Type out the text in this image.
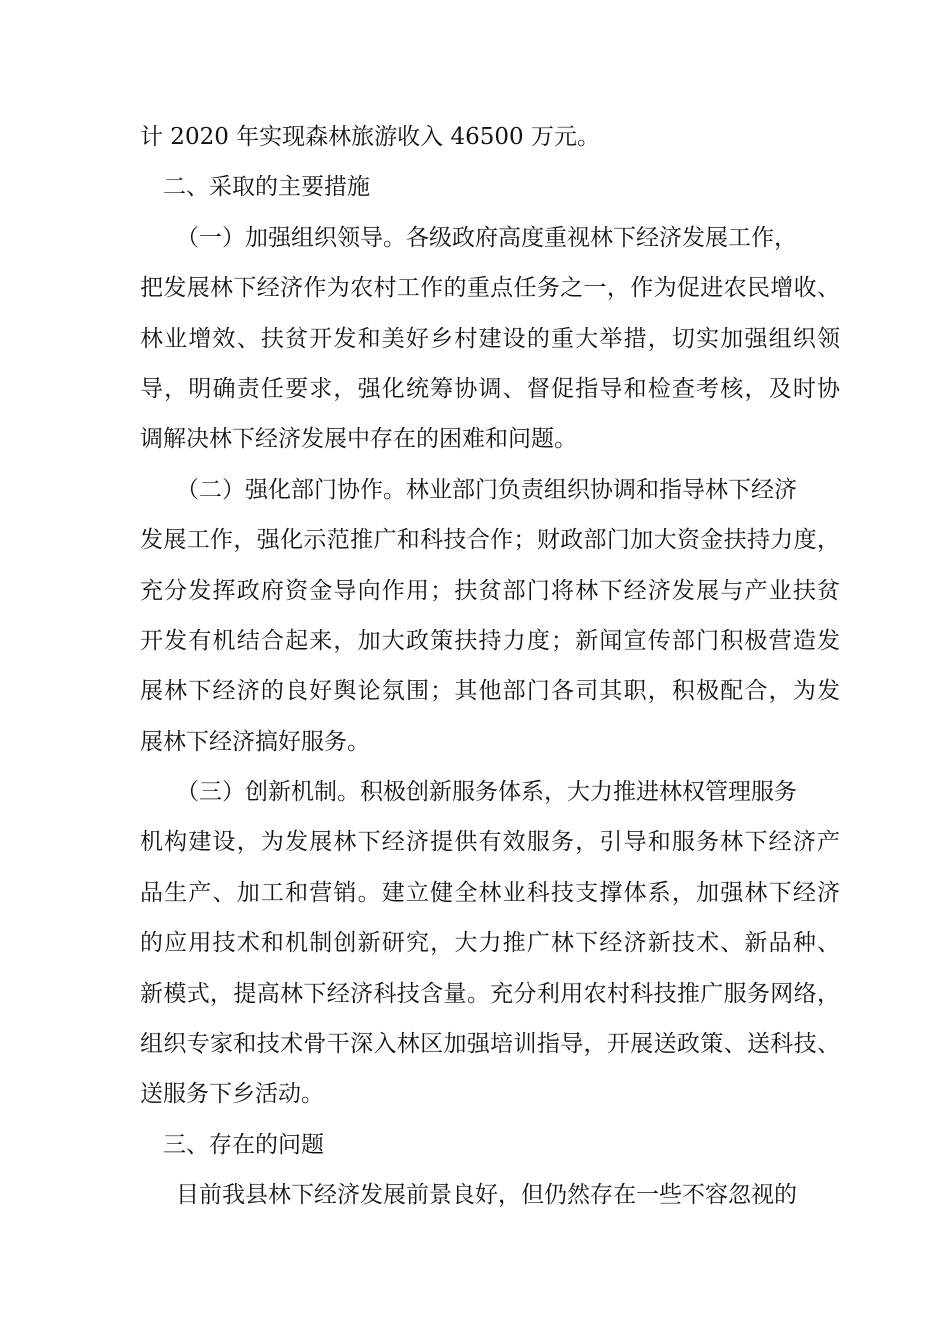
计 2020 年实现森林旅游收入 46500 万元。
二、采取的主要措施
（一）加强组织领导。各级政府高度重视林下经济发展工作，
把发展林下经济作为农村工作的重点任务之一，作为促进农民增收、
林业增效、扶贫开发和美好乡村建设的重大举措，切实加强组织领
导，明确责任要求，强化统筹协调、督促指导和检查考核，及时协
调解决林下经济发展中存在的困难和问题。
（二）强化部门协作。林业部门负责组织协调和指导林下经济
发展工作，强化示范推广和科技合作；财政部门加大资金扶持力度，
充分发挥政府资金导向作用；扶贫部门将林下经济发展与产业扶贫
开发有机结合起来，加大政策扶持力度；新闻宣传部门积极营造发
展林下经济的良好舆论氛围；其他部门各司其职，积极配合，为发
展林下经济搞好服务。
（三）创新机制。积极创新服务体系，大力推进林权管理服务
机构建设，为发展林下经济提供有效服务，引导和服务林下经济产
品生产、加工和营销。建立健全林业科技支撑体系，加强林下经济
的应用技术和机制创新研究，大力推广林下经济新技术、新品种、
新模式，提高林下经济科技含量。充分利用农村科技推广服务网络，
组织专家和技术骨干深入林区加强培训指导，开展送政策、送科技、
送服务下乡活动。
三、存在的问题
目前我县林下经济发展前景良好，但仍然存在一些不容忽视的
